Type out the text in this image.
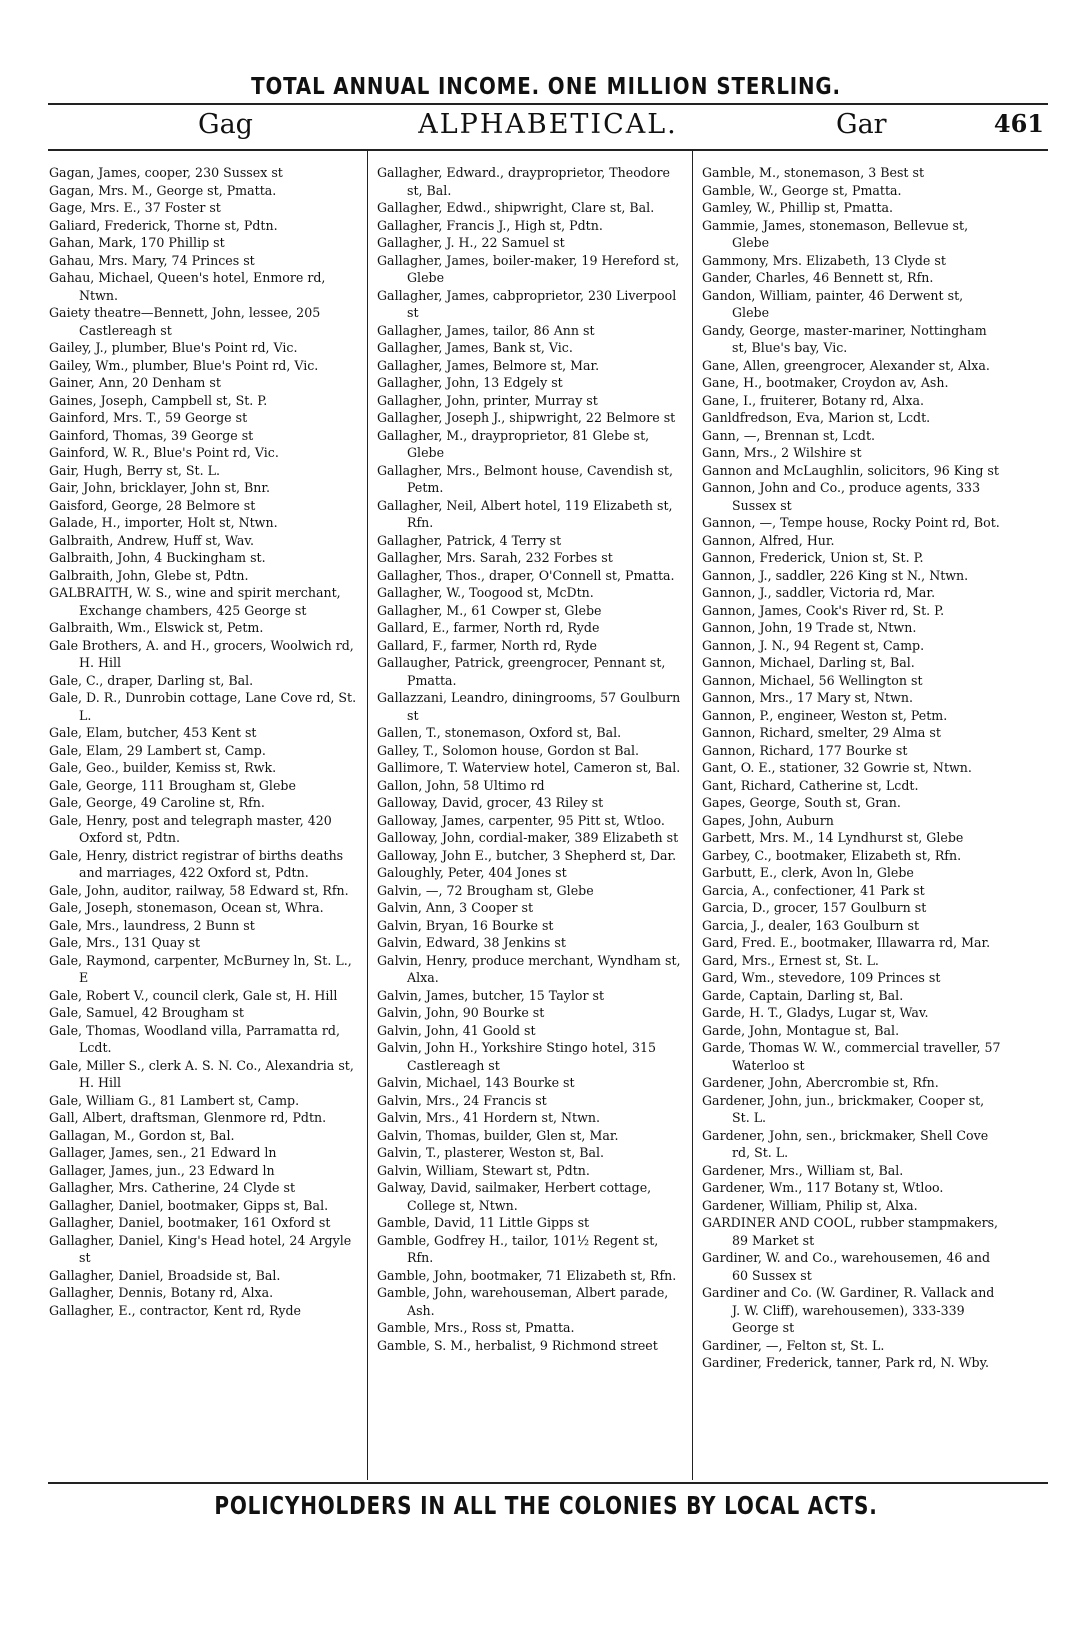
TOTAL ANNUAL INCOME. ONE MILLION STERLING.
ALPHABETICAL.
Gag	Gar	461
Gagan, James, cooper, 230 Sussex st
Gagan, Mrs. M., George st, Pmatta.
Gage, Mrs. E., 37 Foster st
Galiard, Frederick, Thorne st, Pdtn.
Gahan, Mark, 170 Phillip st
Gahau, Mrs. Mary, 74 Princes st
Gahau, Michael, Queen's hotel, Enmore rd, Ntwn.
Gaiety theatre—Bennett, John, lessee, 205 Castlereagh st
Gailey, J., plumber, Blue's Point rd, Vic.
Gailey, Wm., plumber, Blue's Point rd, Vic.
Gainer, Ann, 20 Denham st
Gaines, Joseph, Campbell st, St. P.
Gainford, Mrs. T., 59 George st
Gainford, Thomas, 39 George st
Gainford, W. R., Blue's Point rd, Vic.
Gair, Hugh, Berry st, St. L.
Gair, John, bricklayer, John st, Bnr.
Gaisford, George, 28 Belmore st
Galade, H., importer, Holt st, Ntwn.
Galbraith, Andrew, Huff st, Wav.
Galbraith, John, 4 Buckingham st.
Galbraith, John, Glebe st, Pdtn.
GALBRAITH, W. S., wine and spirit merchant, Exchange chambers, 425 George st
Galbraith, Wm., Elswick st, Petm.
Gale Brothers, A. and H., grocers, Woolwich rd, H. Hill
Gale, C., draper, Darling st, Bal.
Gale, D. R., Dunrobin cottage, Lane Cove rd, St. L.
Gale, Elam, butcher, 453 Kent st
Gale, Elam, 29 Lambert st, Camp.
Gale, Geo., builder, Kemiss st, Rwk.
Gale, George, 111 Brougham st, Glebe
Gale, George, 49 Caroline st, Rfn.
Gale, Henry, post and telegraph master, 420 Oxford st, Pdtn.
Gale, Henry, district registrar of births deaths and marriages, 422 Oxford st, Pdtn.
Gale, John, auditor, railway, 58 Edward st, Rfn.
Gale, Joseph, stonemason, Ocean st, Whra.
Gale, Mrs., laundress, 2 Bunn st
Gale, Mrs., 131 Quay st
Gale, Raymond, carpenter, McBurney ln, St. L., E
Gale, Robert V., council clerk, Gale st, H. Hill
Gale, Samuel, 42 Brougham st
Gale, Thomas, Woodland villa, Parramatta rd, Lcdt.
Gale, Miller S., clerk A. S. N. Co., Alexandria st, H. Hill
Gale, William G., 81 Lambert st, Camp.
Gall, Albert, draftsman, Glenmore rd, Pdtn.
Gallagan, M., Gordon st, Bal.
Gallager, James, sen., 21 Edward ln
Gallager, James, jun., 23 Edward ln
Gallagher, Mrs. Catherine, 24 Clyde st
Gallagher, Daniel, bootmaker, Gipps st, Bal.
Gallagher, Daniel, bootmaker, 161 Oxford st
Gallagher, Daniel, King's Head hotel, 24 Argyle st
Gallagher, Daniel, Broadside st, Bal.
Gallagher, Dennis, Botany rd, Alxa.
Gallagher, E., contractor, Kent rd, Ryde
Gallagher, Edward., drayproprietor, Theodore st, Bal.
Gallagher, Edwd., shipwright, Clare st, Bal.
Gallagher, Francis J., High st, Pdtn.
Gallagher, J. H., 22 Samuel st
Gallagher, James, boiler-maker, 19 Hereford st, Glebe
Gallagher, James, cabproprietor, 230 Liverpool st
Gallagher, James, tailor, 86 Ann st
Gallagher, James, Bank st, Vic.
Gallagher, James, Belmore st, Mar.
Gallagher, John, 13 Edgely st
Gallagher, John, printer, Murray st
Gallagher, Joseph J., shipwright, 22 Belmore st
Gallagher, M., drayproprietor, 81 Glebe st, Glebe
Gallagher, Mrs., Belmont house, Cavendish st, Petm.
Gallagher, Neil, Albert hotel, 119 Elizabeth st, Rfn.
Gallagher, Patrick, 4 Terry st
Gallagher, Mrs. Sarah, 232 Forbes st
Gallagher, Thos., draper, O'Connell st, Pmatta.
Gallagher, W., Toogood st, McDtn.
Gallagher, M., 61 Cowper st, Glebe
Gallard, E., farmer, North rd, Ryde
Gallard, F., farmer, North rd, Ryde
Gallaugher, Patrick, greengrocer, Pennant st, Pmatta.
Gallazzani, Leandro, diningrooms, 57 Goulburn st
Gallen, T., stonemason, Oxford st, Bal.
Galley, T., Solomon house, Gordon st Bal.
Gallimore, T. Waterview hotel, Cameron st, Bal.
Gallon, John, 58 Ultimo rd
Galloway, David, grocer, 43 Riley st
Galloway, James, carpenter, 95 Pitt st, Wtloo.
Galloway, John, cordial-maker, 389 Elizabeth st
Galloway, John E., butcher, 3 Shepherd st, Dar.
Galoughly, Peter, 404 Jones st
Galvin, —, 72 Brougham st, Glebe
Galvin, Ann, 3 Cooper st
Galvin, Bryan, 16 Bourke st
Galvin, Edward, 38 Jenkins st
Galvin, Henry, produce merchant, Wyndham st, Alxa.
Galvin, James, butcher, 15 Taylor st
Galvin, John, 90 Bourke st
Galvin, John, 41 Goold st
Galvin, John H., Yorkshire Stingo hotel, 315 Castlereagh st
Galvin, Michael, 143 Bourke st
Galvin, Mrs., 24 Francis st
Galvin, Mrs., 41 Hordern st, Ntwn.
Galvin, Thomas, builder, Glen st, Mar.
Galvin, T., plasterer, Weston st, Bal.
Galvin, William, Stewart st, Pdtn.
Galway, David, sailmaker, Herbert cottage, College st, Ntwn.
Gamble, David, 11 Little Gipps st
Gamble, Godfrey H., tailor, 101½ Regent st, Rfn.
Gamble, John, bootmaker, 71 Elizabeth st, Rfn.
Gamble, John, warehouseman, Albert parade, Ash.
Gamble, Mrs., Ross st, Pmatta.
Gamble, S. M., herbalist, 9 Richmond street
Gamble, M., stonemason, 3 Best st
Gamble, W., George st, Pmatta.
Gamley, W., Phillip st, Pmatta.
Gammie, James, stonemason, Bellevue st, Glebe
Gammony, Mrs. Elizabeth, 13 Clyde st
Gander, Charles, 46 Bennett st, Rfn.
Gandon, William, painter, 46 Derwent st, Glebe
Gandy, George, master-mariner, Nottingham st, Blue's bay, Vic.
Gane, Allen, greengrocer, Alexander st, Alxa.
Gane, H., bootmaker, Croydon av, Ash.
Gane, I., fruiterer, Botany rd, Alxa.
Ganldfredson, Eva, Marion st, Lcdt.
Gann, —, Brennan st, Lcdt.
Gann, Mrs., 2 Wilshire st
Gannon and McLaughlin, solicitors, 96 King st
Gannon, John and Co., produce agents, 333 Sussex st
Gannon, —, Tempe house, Rocky Point rd, Bot.
Gannon, Alfred, Hur.
Gannon, Frederick, Union st, St. P.
Gannon, J., saddler, 226 King st N., Ntwn.
Gannon, J., saddler, Victoria rd, Mar.
Gannon, James, Cook's River rd, St. P.
Gannon, John, 19 Trade st, Ntwn.
Gannon, J. N., 94 Regent st, Camp.
Gannon, Michael, Darling st, Bal.
Gannon, Michael, 56 Wellington st
Gannon, Mrs., 17 Mary st, Ntwn.
Gannon, P., engineer, Weston st, Petm.
Gannon, Richard, smelter, 29 Alma st
Gannon, Richard, 177 Bourke st
Gant, O. E., stationer, 32 Gowrie st, Ntwn.
Gant, Richard, Catherine st, Lcdt.
Gapes, George, South st, Gran.
Gapes, John, Auburn
Garbett, Mrs. M., 14 Lyndhurst st, Glebe
Garbey, C., bootmaker, Elizabeth st, Rfn.
Garbutt, E., clerk, Avon ln, Glebe
Garcia, A., confectioner, 41 Park st
Garcia, D., grocer, 157 Goulburn st
Garcia, J., dealer, 163 Goulburn st
Gard, Fred. E., bootmaker, Illawarra rd, Mar.
Gard, Mrs., Ernest st, St. L.
Gard, Wm., stevedore, 109 Princes st
Garde, Captain, Darling st, Bal.
Garde, H. T., Gladys, Lugar st, Wav.
Garde, John, Montague st, Bal.
Garde, Thomas W. W., commercial traveller, 57 Waterloo st
Gardener, John, Abercrombie st, Rfn.
Gardener, John, jun., brickmaker, Cooper st, St. L.
Gardener, John, sen., brickmaker, Shell Cove rd, St. L.
Gardener, Mrs., William st, Bal.
Gardener, Wm., 117 Botany st, Wtloo.
Gardener, William, Philip st, Alxa.
GARDINER AND COOL, rubber stampmakers, 89 Market st
Gardiner, W. and Co., warehousemen, 46 and 60 Sussex st
Gardiner and Co. (W. Gardiner, R. Vallack and J. W. Cliff), warehousemen), 333-339 George st
Gardiner, —, Felton st, St. L.
Gardiner, Frederick, tanner, Park rd, N. Wby.
POLICYHOLDERS IN ALL THE COLONIES BY LOCAL ACTS.
